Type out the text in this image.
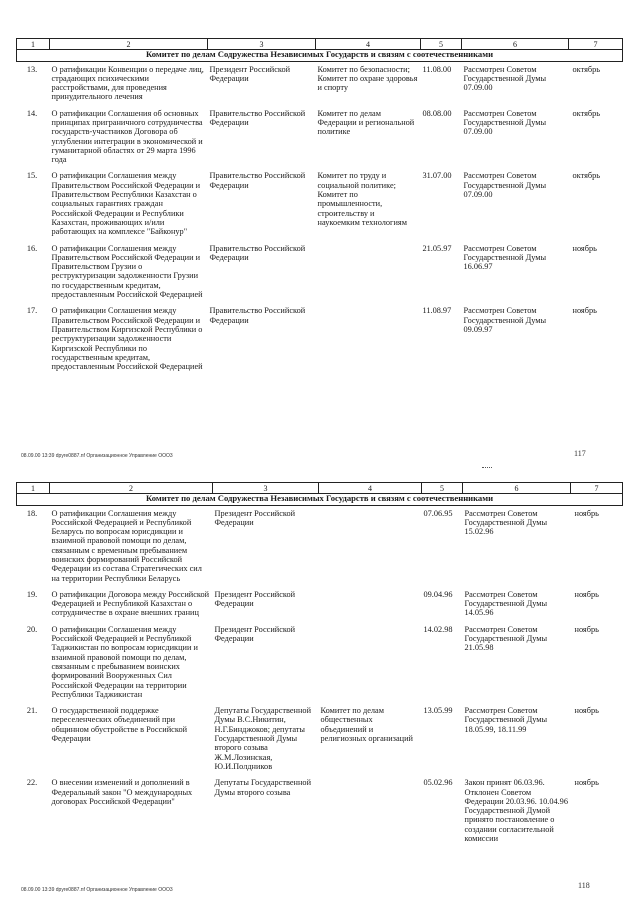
1	2	3	4	5	6	7
Комитет по делам Содружества Независимых Государств и связям с соотечественниками						
13.	О ратификации Конвенции о передаче лиц, страдающих психическими расстройствами, для проведения принудительного лечения	Президент Российской Федерации	Комитет по безопасности; Комитет по охране здоровья и спорту	11.08.00	Рассмотрен Советом Государственной Думы 07.09.00	октябрь
14.	О ратификации Соглашения об основных принципах приграничного сотрудничества государств-участников Договора об углублении интеграции в экономической и гуманитарной областях от 29 марта 1996 года	Правительство Российской Федерации	Комитет по делам Федерации и региональной политике	08.08.00	Рассмотрен Советом Государственной Думы 07.09.00	октябрь
15.	О ратификации Соглашения между Правительством Российской Федерации и Правительством Республики Казахстан о социальных гарантиях граждан Российской Федерации и Республики Казахстан, проживающих и/или работающих на комплексе "Байконур"	Правительство Российской Федерации	Комитет по труду и социальной политике; Комитет по промышленности, строительству и наукоемким технологиям	31.07.00	Рассмотрен Советом Государственной Думы 07.09.00	октябрь
16.	О ратификации Соглашения между Правительством Российской Федерации и Правительством Грузии о реструктуризации задолженности Грузии по государственным кредитам, предоставленным Российской Федерацией	Правительство Российской Федерации		21.05.97	Рассмотрен Советом Государственной Думы 16.06.97	ноябрь
17.	О ратификации Соглашения между Правительством Российской Федерации и Правительством Киргизской Республики о реструктуризации задолженности Киргизской Республики по государственным кредитам, предоставленным Российской Федерацией	Правительство Российской Федерации		11.08.97	Рассмотрен Советом Государственной Думы 09.09.97	ноябрь
08.09.00 13:39 dpyre0887.nf Организационное Управление ООО3	117
1	2	3	4	5	6	7
Комитет по делам Содружества Независимых Государств и связям с соотечественниками						
18.	О ратификации Соглашения между Российской Федерацией и Республикой Беларусь по вопросам юрисдикции и взаимной правовой помощи по делам, связанным с временным пребыванием воинских формирований Российской Федерации из состава Стратегических сил на территории Республики Беларусь	Президент Российской Федерации		07.06.95	Рассмотрен Советом Государственной Думы 15.02.96	ноябрь
19.	О ратификации Договора между Российской Федерацией и Республикой Казахстан о сотрудничестве в охране внешних границ	Президент Российской Федерации		09.04.96	Рассмотрен Советом Государственной Думы 14.05.96	ноябрь
20.	О ратификации Соглашения между Российской Федерацией и Республикой Таджикистан по вопросам юрисдикции и взаимной правовой помощи по делам, связанным с пребыванием воинских формирований Вооруженных Сил Российской Федерации на территории Республики Таджикистан	Президент Российской Федерации		14.02.98	Рассмотрен Советом Государственной Думы 21.05.98	ноябрь
21.	О государственной поддержке переселенческих объединений при общинном обустройстве в Российской Федерации	Депутаты Государственной Думы В.С.Никитин, Н.Г.Бинджоков; депутаты Государственной Думы второго созыва Ж.М.Лозинская, Ю.И.Полдников	Комитет по делам общественных объединений и религиозных организаций	13.05.99	Рассмотрен Советом Государственной Думы 18.05.99, 18.11.99	ноябрь
22.	О внесении изменений и дополнений в Федеральный закон "О международных договорах Российской Федерации"	Депутаты Государственной Думы второго созыва		05.02.96	Закон принят 06.03.96. Отклонен Советом Федерации 20.03.96. 10.04.96 Государственной Думой принято постановление о создании согласительной комиссии	ноябрь
08.09.00 13:39 dpyre0887.nf Организационное Управление ООО3	118
